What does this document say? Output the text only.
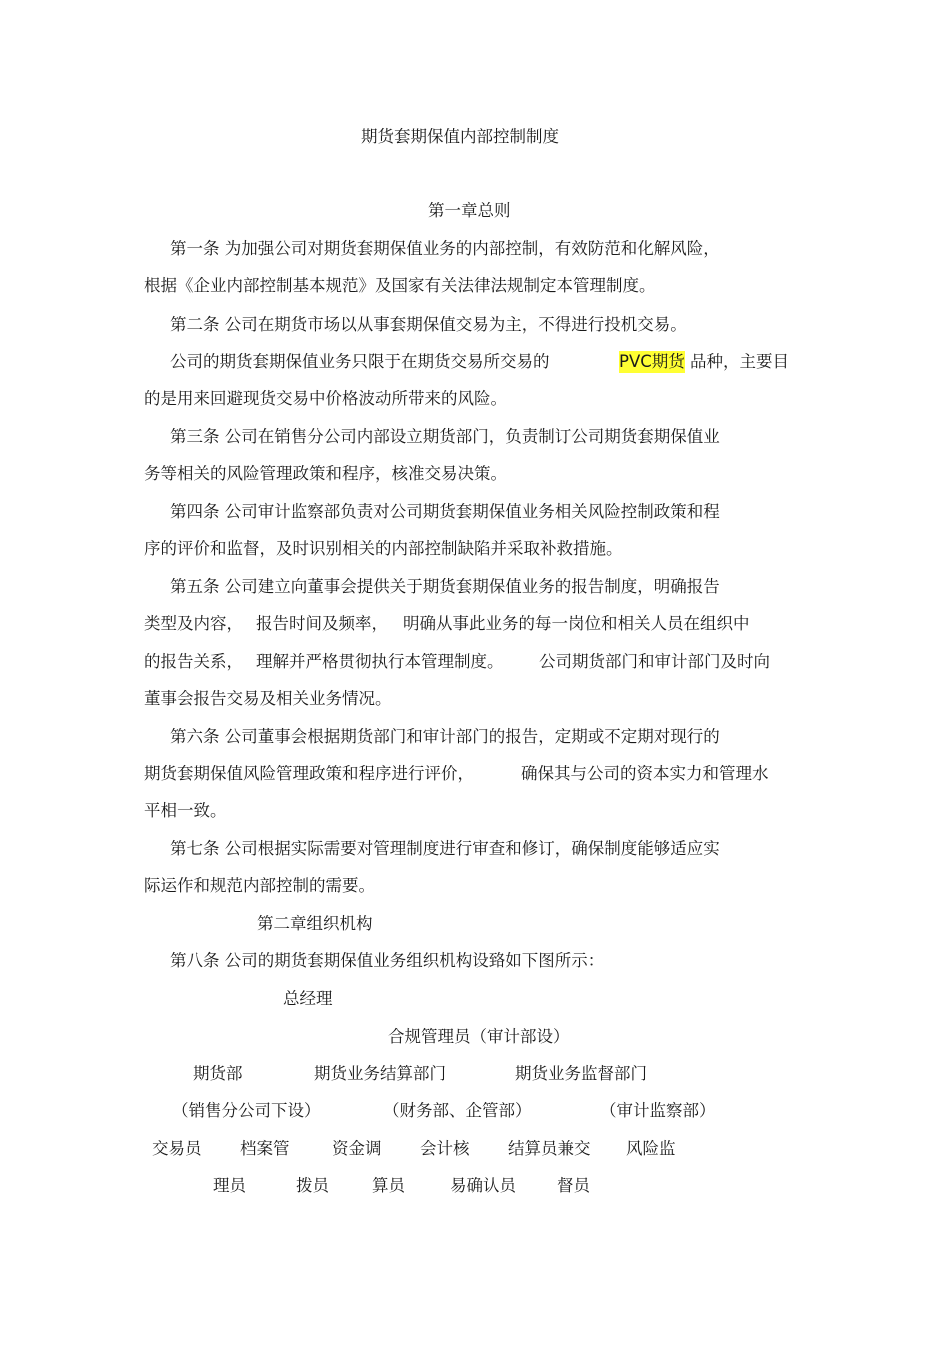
期货套期保值内部控制制度
第一章总则
第一条 为加强公司对期货套期保值业务的内部控制，有效防范和化解风险，
根据《企业内部控制基本规范》及国家有关法律法规制定本管理制度。
第二条 公司在期货市场以从事套期保值交易为主，不得进行投机交易。
公司的期货套期保值业务只限于在期货交易所交易的	PVC期货 品种，主要目
的是用来回避现货交易中价格波动所带来的风险。
第三条 公司在销售分公司内部设立期货部门，负责制订公司期货套期保值业
务等相关的风险管理政策和程序，核准交易决策。
第四条 公司审计监察部负责对公司期货套期保值业务相关风险控制政策和程
序的评价和监督，及时识别相关的内部控制缺陷并采取补救措施。
第五条 公司建立向董事会提供关于期货套期保值业务的报告制度，明确报告
类型及内容， 报告时间及频率， 明确从事此业务的每一岗位和相关人员在组织中
的报告关系， 理解并严格贯彻执行本管理制度。 公司期货部门和审计部门及时向
董事会报告交易及相关业务情况。
第六条 公司董事会根据期货部门和审计部门的报告，定期或不定期对现行的
期货套期保值风险管理政策和程序进行评价，	确保其与公司的资本实力和管理水
平相一致。
第七条 公司根据实际需要对管理制度进行审查和修订，确保制度能够适应实
际运作和规范内部控制的需要。
第二章组织机构
第八条 公司的期货套期保值业务组织机构设臵如下图所示：
总经理
合规管理员（审计部设）
期货部	期货业务结算部门	期货业务监督部门
（销售分公司下设）	（财务部、企管部）	（审计监察部）
交易员 档案管	资金调 会计核 结算员兼交 风险监
理员	拨员	算员	易确认员 督员
